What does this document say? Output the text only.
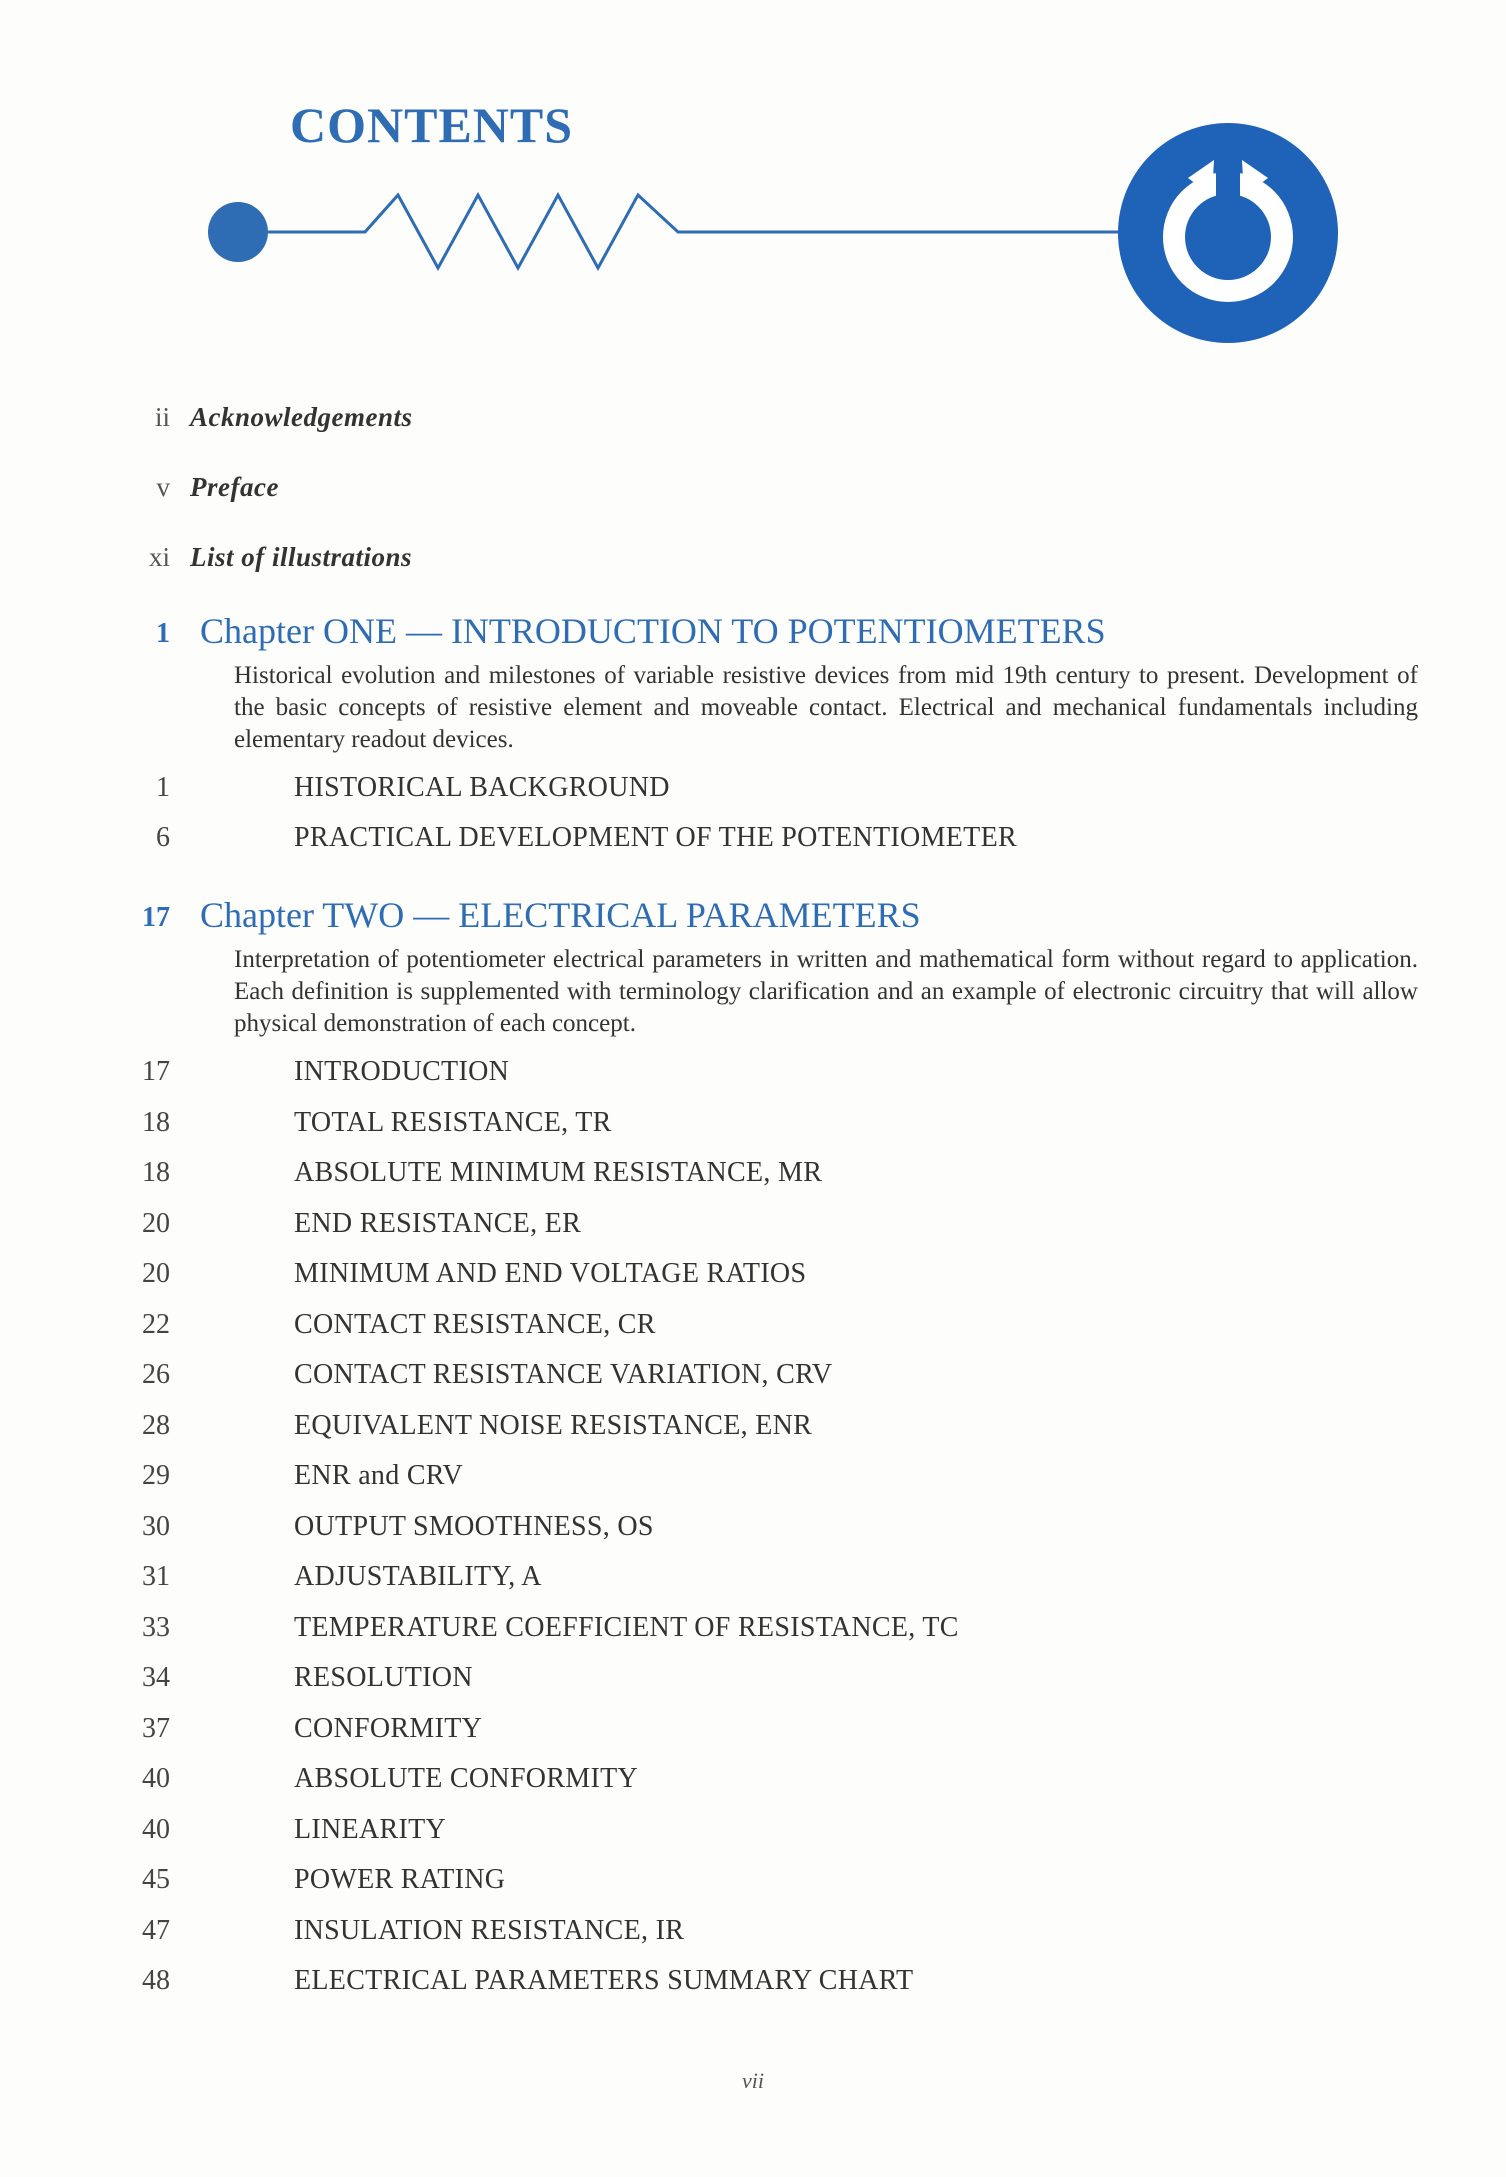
CONTENTS
ii Acknowledgements
v Preface
xi List of illustrations
1 Chapter ONE — INTRODUCTION TO POTENTIOMETERS
Historical evolution and milestones of variable resistive devices from mid 19th century to present. Development of the basic concepts of resistive element and moveable contact. Electrical and mechanical fundamentals including elementary readout devices.
1	HISTORICAL BACKGROUND
6	PRACTICAL DEVELOPMENT OF THE POTENTIOMETER
17 Chapter TWO — ELECTRICAL PARAMETERS
Interpretation of potentiometer electrical parameters in written and mathematical form without regard to application. Each definition is supplemented with terminology clarification and an example of electronic circuitry that will allow physical demonstration of each concept.
17	INTRODUCTION
18	TOTAL RESISTANCE, TR
18	ABSOLUTE MINIMUM RESISTANCE, MR
20	END RESISTANCE, ER
20	MINIMUM AND END VOLTAGE RATIOS
22	CONTACT RESISTANCE, CR
26	CONTACT RESISTANCE VARIATION, CRV
28	EQUIVALENT NOISE RESISTANCE, ENR
29	ENR and CRV
30	OUTPUT SMOOTHNESS, OS
31	ADJUSTABILITY, A
33	TEMPERATURE COEFFICIENT OF RESISTANCE, TC
34	RESOLUTION
37	CONFORMITY
40	ABSOLUTE CONFORMITY
40	LINEARITY
45	POWER RATING
47	INSULATION RESISTANCE, IR
48	ELECTRICAL PARAMETERS SUMMARY CHART
vii
